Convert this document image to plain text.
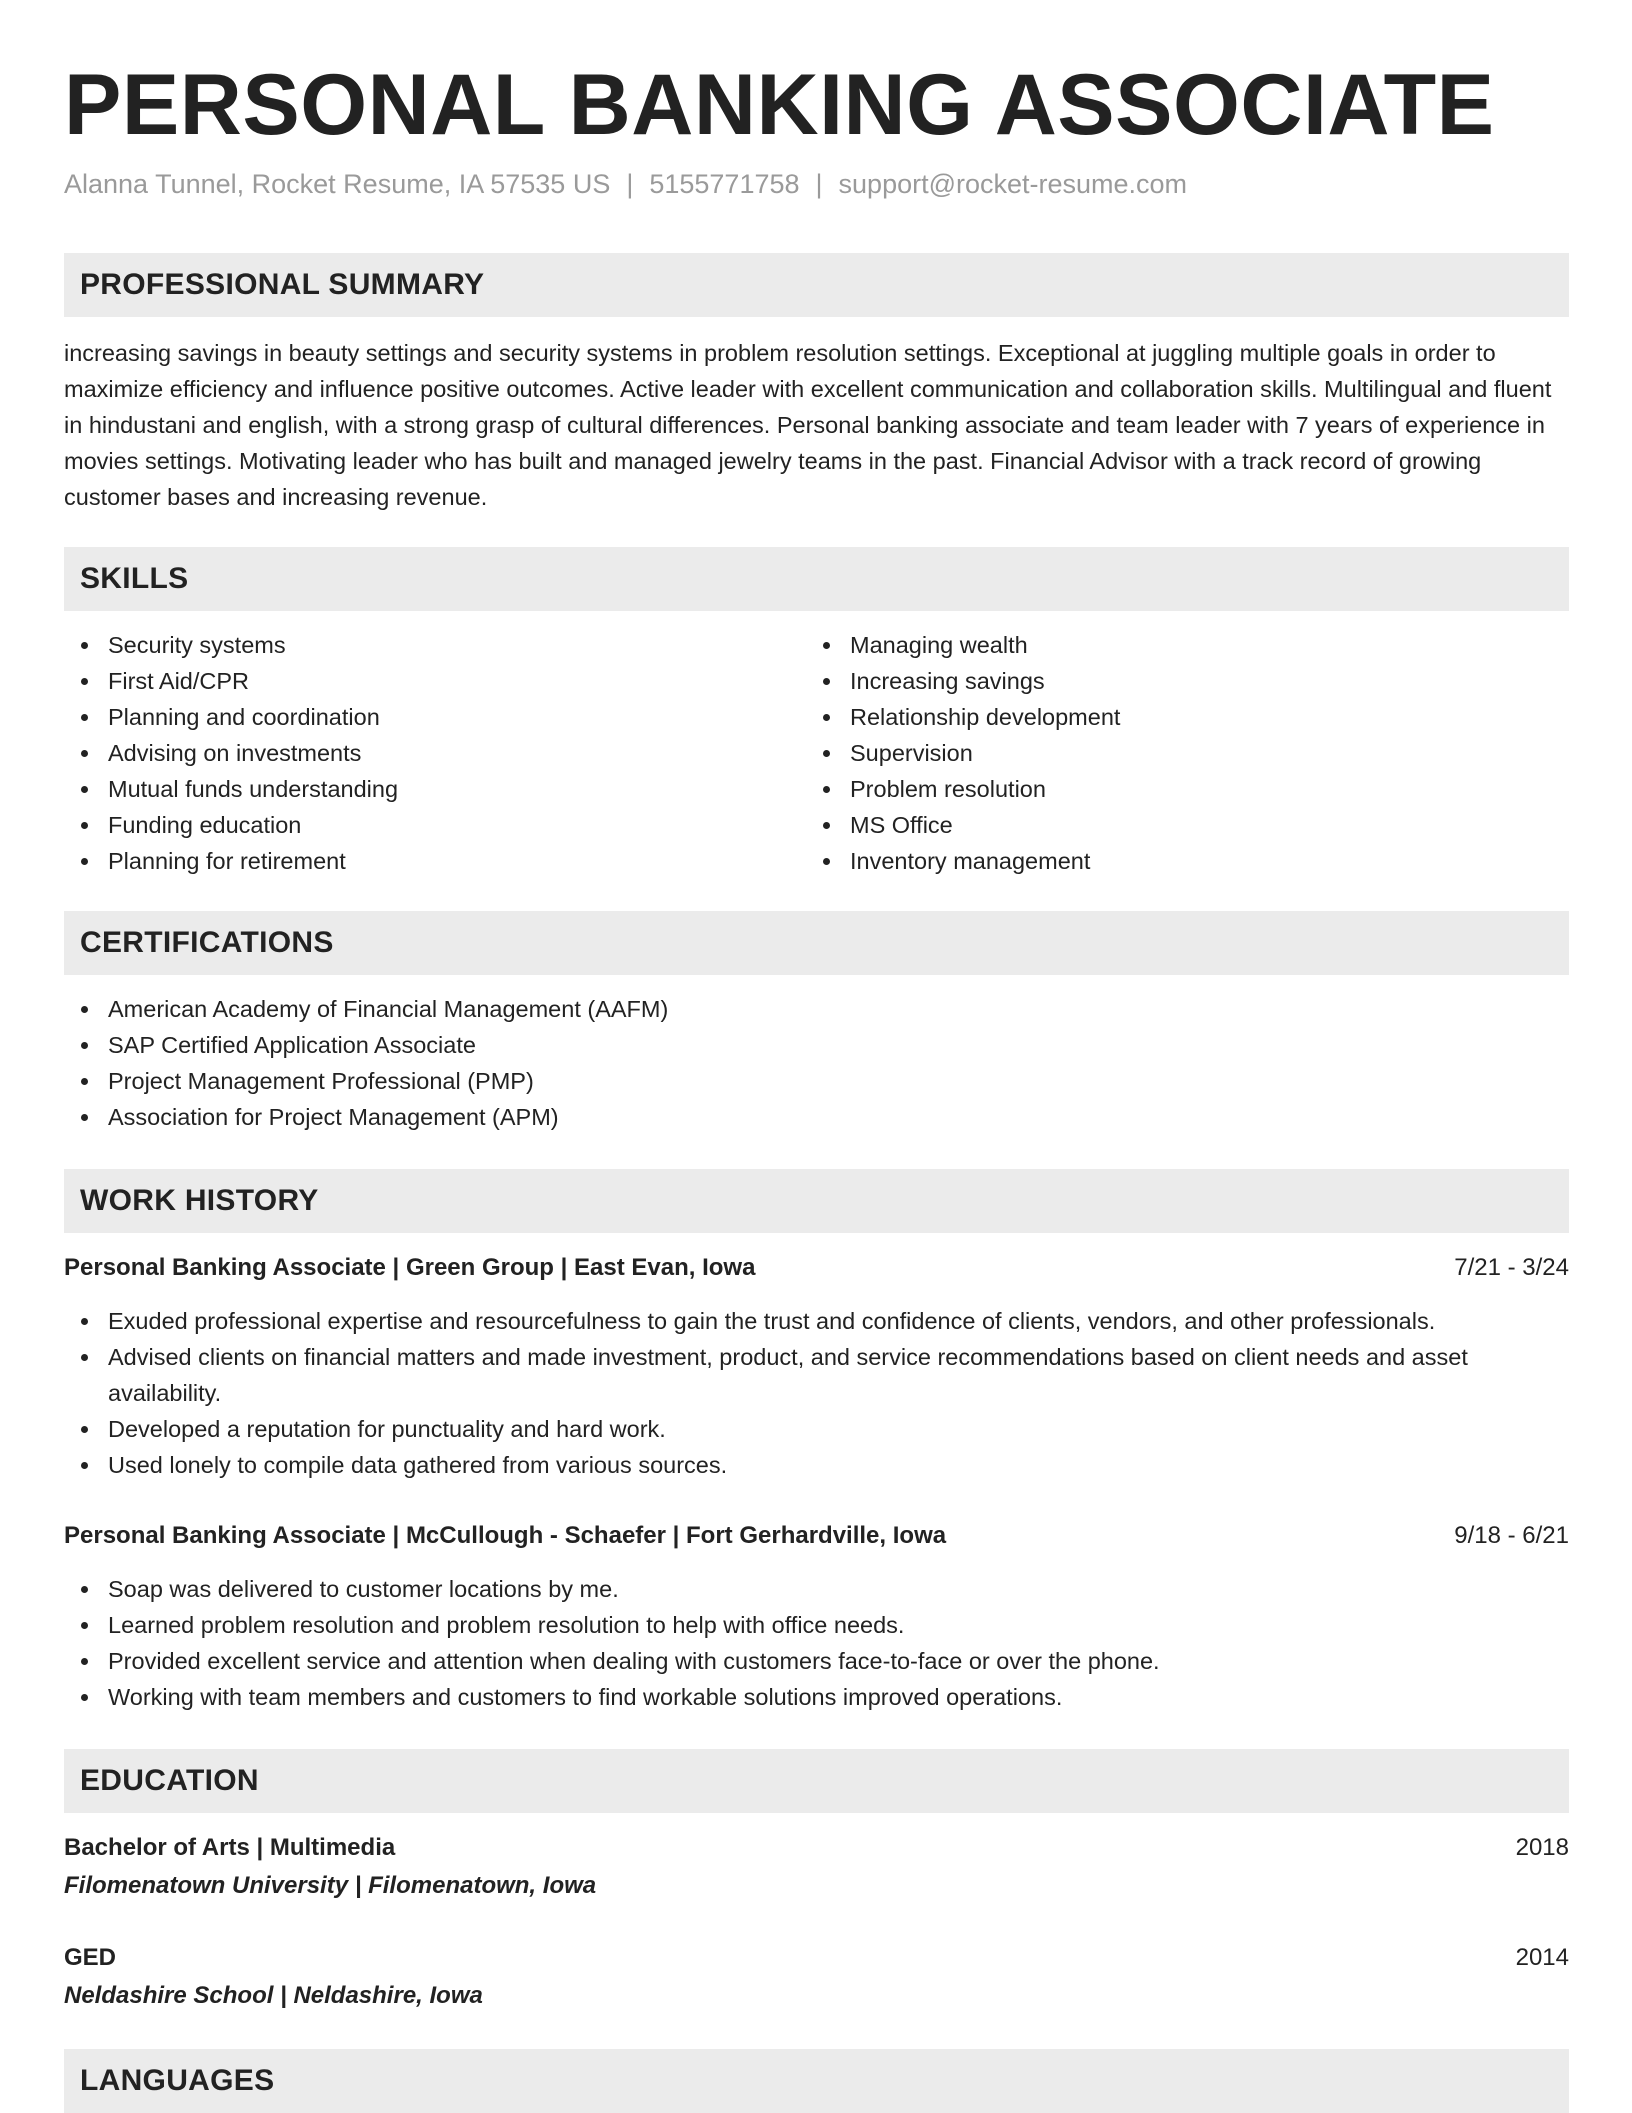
PERSONAL BANKING ASSOCIATE
Alanna Tunnel, Rocket Resume, IA 57535 US | 5155771758 | support@rocket-resume.com
PROFESSIONAL SUMMARY
increasing savings in beauty settings and security systems in problem resolution settings. Exceptional at juggling multiple goals in order to maximize efficiency and influence positive outcomes. Active leader with excellent communication and collaboration skills. Multilingual and fluent in hindustani and english, with a strong grasp of cultural differences. Personal banking associate and team leader with 7 years of experience in movies settings. Motivating leader who has built and managed jewelry teams in the past. Financial Advisor with a track record of growing customer bases and increasing revenue.
SKILLS
Security systems
First Aid/CPR
Planning and coordination
Advising on investments
Mutual funds understanding
Funding education
Planning for retirement
Managing wealth
Increasing savings
Relationship development
Supervision
Problem resolution
MS Office
Inventory management
CERTIFICATIONS
American Academy of Financial Management (AAFM)
SAP Certified Application Associate
Project Management Professional (PMP)
Association for Project Management (APM)
WORK HISTORY
Personal Banking Associate | Green Group | East Evan, Iowa	7/21 - 3/24
Exuded professional expertise and resourcefulness to gain the trust and confidence of clients, vendors, and other professionals.
Advised clients on financial matters and made investment, product, and service recommendations based on client needs and asset availability.
Developed a reputation for punctuality and hard work.
Used lonely to compile data gathered from various sources.
Personal Banking Associate | McCullough - Schaefer | Fort Gerhardville, Iowa	9/18 - 6/21
Soap was delivered to customer locations by me.
Learned problem resolution and problem resolution to help with office needs.
Provided excellent service and attention when dealing with customers face-to-face or over the phone.
Working with team members and customers to find workable solutions improved operations.
EDUCATION
Bachelor of Arts | Multimedia	2018
Filomenatown University | Filomenatown, Iowa
GED	2014
Neldashire School | Neldashire, Iowa
LANGUAGES
